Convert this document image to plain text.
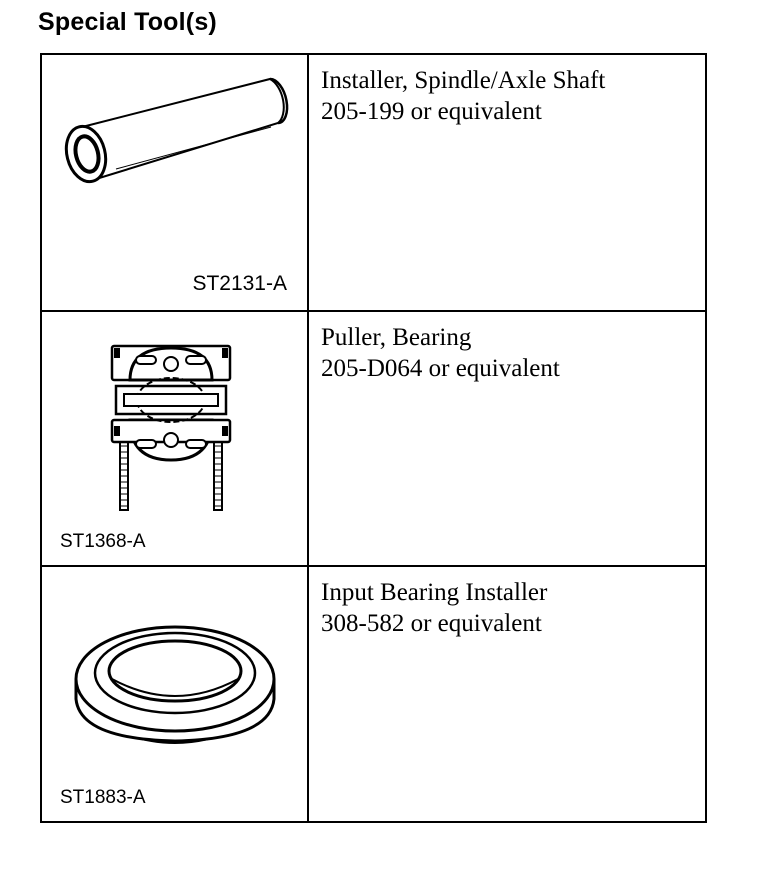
Special Tool(s)
ST2131-A
Installer, Spindle/Axle Shaft
205-199 or equivalent
ST1368-A
Puller, Bearing
205-D064 or equivalent
ST1883-A
Input Bearing Installer
308-582 or equivalent
